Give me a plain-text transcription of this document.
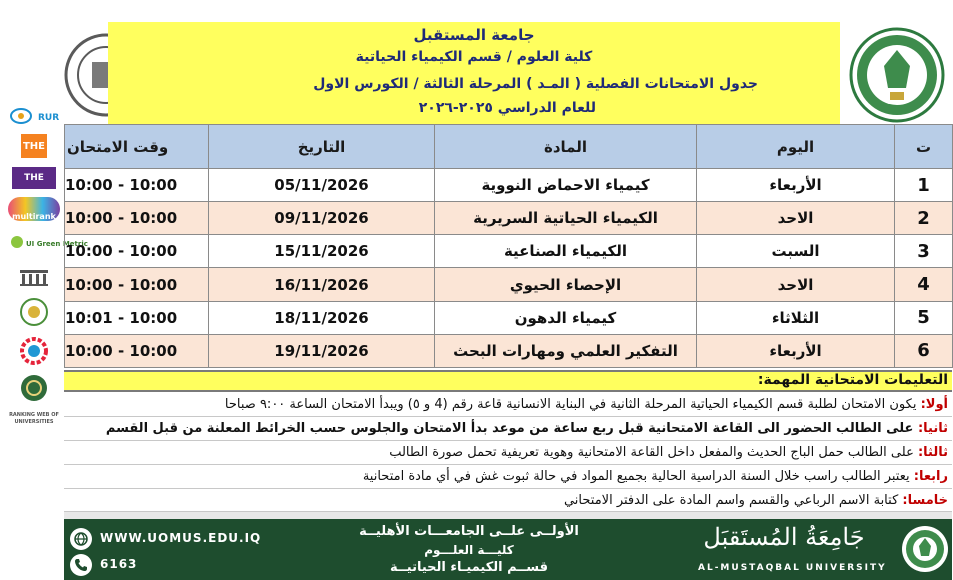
RUR
THE
THE
multirank
UI Green Metric
RANKING WEB OF UNIVERSITIES
جامعة المستقبل
كلية العلوم / قسم الكيمياء الحياتية
جدول الامتحانات الفصلية ( المـد ) المرحلة الثالثة / الكورس الاول
للعام الدراسي ٢٠٢٥-٢٠٢٦
وقت الامتحان	التاريخ	المادة	اليوم	ت
10:00 - 10:00	05/11/2026	كيمياء الاحماض النووية	الأربعاء	1
10:00 - 10:00	09/11/2026	الكيمياء الحياتية السريرية	الاحد	2
10:00 - 10:00	15/11/2026	الكيمياء الصناعية	السبت	3
10:00 - 10:00	16/11/2026	الإحصاء الحيوي	الاحد	4
10:01 - 10:00	18/11/2026	كيمياء الدهون	الثلاثاء	5
10:00 - 10:00	19/11/2026	التفكير العلمي ومهارات البحث	الأربعاء	6
التعليمات الامتحانية المهمة:
أولا: يكون الامتحان لطلبة قسم الكيمياء الحياتية المرحلة الثانية في البناية الانسانية قاعة رقم (4 و ٥) ويبدأ الامتحان الساعة ٩:٠٠ صباحا
ثانيا: على الطالب الحضور الى القاعة الامتحانية قبل ربع ساعة من موعد بدأ الامتحان والجلوس حسب الخرائط المعلنة من قبل القسم
ثالثا: على الطالب حمل الباج الحديث والمفعل داخل القاعة الامتحانية وهوية تعريفية تحمل صورة الطالب
رابعا: يعتبر الطالب راسب خلال السنة الدراسية الحالية بجميع المواد في حالة ثبوت غش في أي مادة امتحانية
خامسا: كتابة الاسم الرباعي والقسم واسم المادة على الدفتر الامتحاني
WWW.UOMUS.EDU.IQ
6163
الأولــى علــى الجامعـــات الأهليــة
كليـــة العلـــوم
قســم الكيميـاء الحياتيــة
جَامِعَةُ المُستَقبَل
AL-MUSTAQBAL UNIVERSITY
